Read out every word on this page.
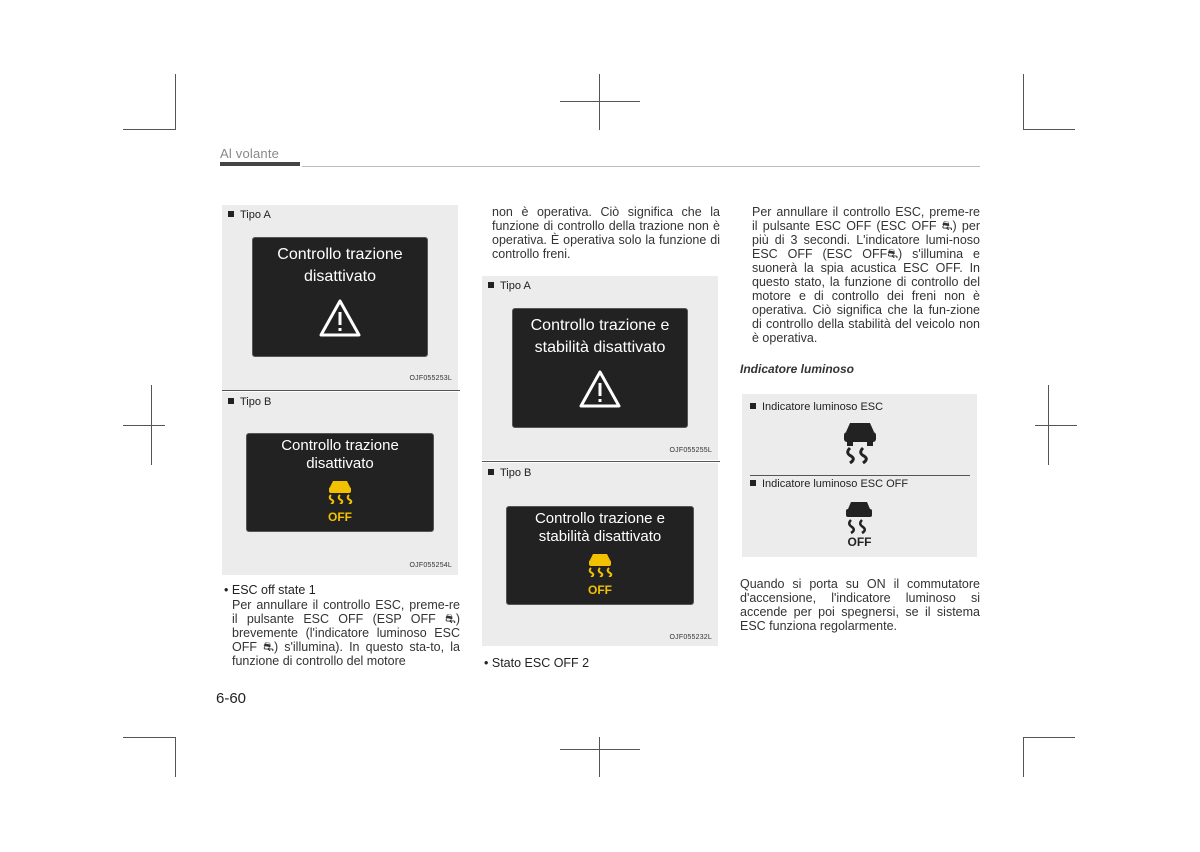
Al volante
Tipo A
Controllo trazione
disattivato
OJF055253L
Tipo B
Controllo trazione
disattivato
OFF
OJF055254L
• ESC off state 1
Per annullare il controllo ESC, preme-re il pulsante ESC OFF (ESP OFF ⛐) brevemente (l'indicatore luminoso ESC OFF ⛐) s'illumina). In questo sta-to, la funzione di controllo del motore
non è operativa. Ciò significa che la funzione di controllo della trazione non è operativa. È operativa solo la funzione di controllo freni.
Tipo A
Controllo trazione e
stabilità disattivato
OJF055255L
Tipo B
Controllo trazione e
stabilità disattivato
OFF
OJF055232L
• Stato ESC OFF 2
Per annullare il controllo ESC, preme-re il pulsante ESC OFF (ESC OFF ⛐) per più di 3 secondi. L'indicatore lumi-noso ESC OFF (ESC OFF⛐) s'illumina e suonerà la spia acustica ESC OFF. In questo stato, la funzione di controllo del motore e di controllo dei freni non è operativa. Ciò significa che la fun-zione di controllo della stabilità del veicolo non è operativa.
Indicatore luminoso
Indicatore luminoso ESC
Indicatore luminoso ESC OFF
OFF
Quando si porta su ON il commutatore d'accensione, l'indicatore luminoso si accende per poi spegnersi, se il sistema ESC funziona regolarmente.
6-60
